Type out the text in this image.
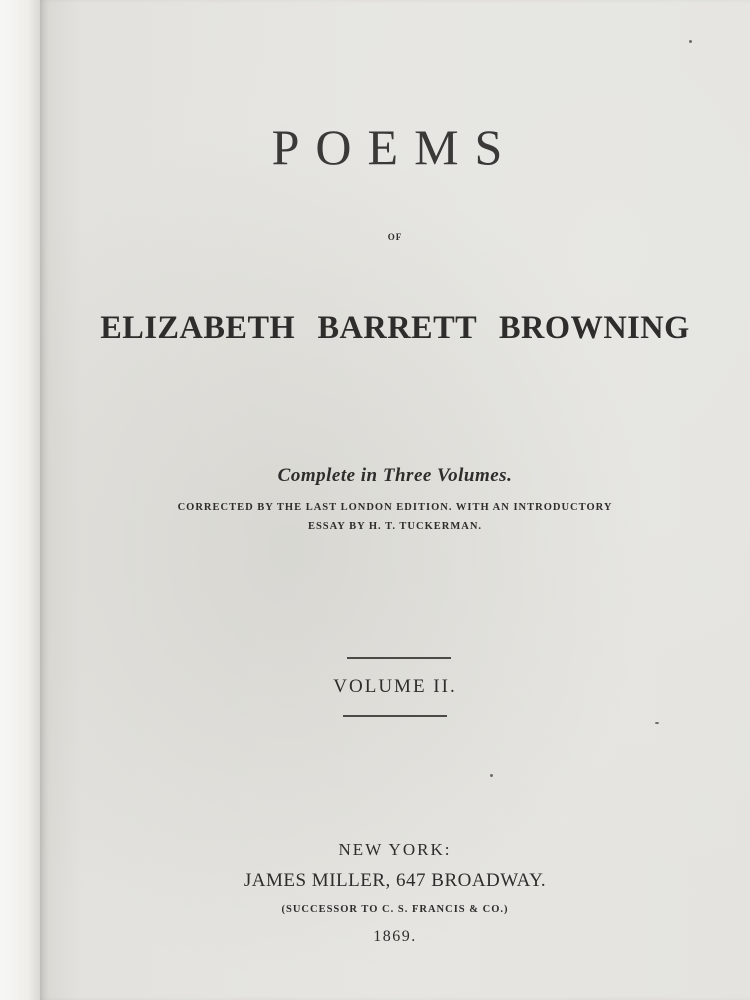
POEMS
OF
ELIZABETH BARRETT BROWNING
Complete in Three Volumes.
CORRECTED BY THE LAST LONDON EDITION. WITH AN INTRODUCTORY
ESSAY BY H. T. TUCKERMAN.
VOLUME II.
NEW YORK:
JAMES MILLER, 647 BROADWAY.
(SUCCESSOR TO C. S. FRANCIS & CO.)
1869.
